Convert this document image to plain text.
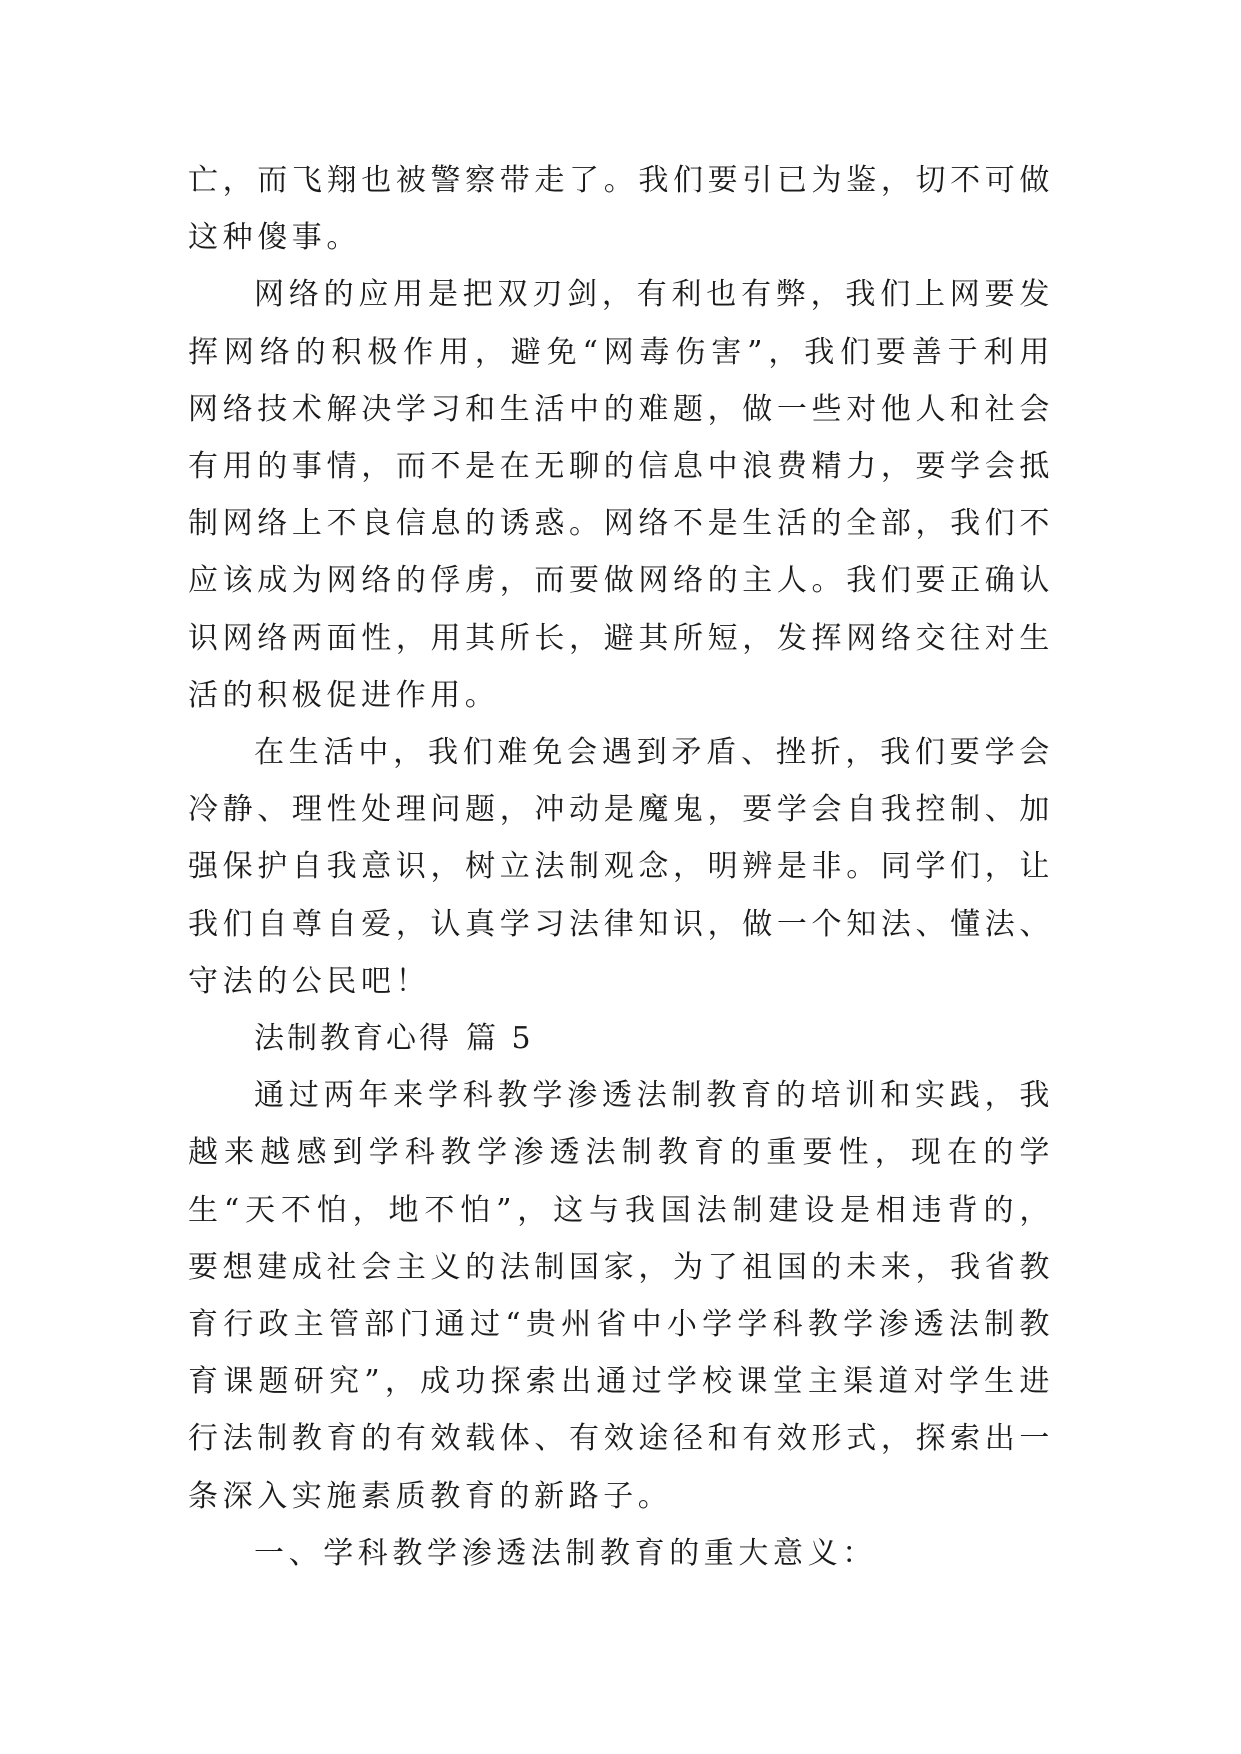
亡，而飞翔也被警察带走了。我们要引已为鉴，切不可做这种傻事。

网络的应用是把双刃剑，有利也有弊，我们上网要发挥网络的积极作用，避免“网毒伤害”，我们要善于利用网络技术解决学习和生活中的难题，做一些对他人和社会有用的事情，而不是在无聊的信息中浪费精力，要学会抵制网络上不良信息的诱惑。网络不是生活的全部，我们不应该成为网络的俘虏，而要做网络的主人。我们要正确认识网络两面性，用其所长，避其所短，发挥网络交往对生活的积极促进作用。

在生活中，我们难免会遇到矛盾、挫折，我们要学会冷静、理性处理问题，冲动是魔鬼，要学会自我控制、加强保护自我意识，树立法制观念，明辨是非。同学们，让我们自尊自爱，认真学习法律知识，做一个知法、懂法、守法的公民吧！

法制教育心得 篇 5

通过两年来学科教学渗透法制教育的培训和实践，我越来越感到学科教学渗透法制教育的重要性，现在的学生“天不怕，地不怕”，这与我国法制建设是相违背的，要想建成社会主义的法制国家，为了祖国的未来，我省教育行政主管部门通过“贵州省中小学学科教学渗透法制教育课题研究”，成功探索出通过学校课堂主渠道对学生进行法制教育的有效载体、有效途径和有效形式，探索出一条深入实施素质教育的新路子。

一、学科教学渗透法制教育的重大意义：
